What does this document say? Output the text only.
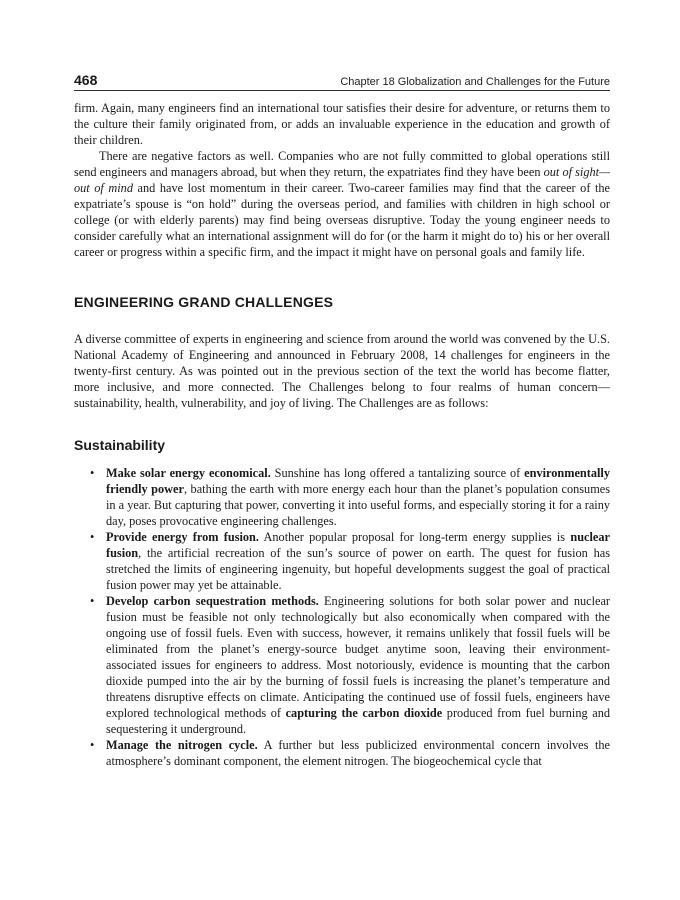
468	Chapter 18 Globalization and Challenges for the Future

firm. Again, many engineers find an international tour satisfies their desire for adventure, or returns them to the culture their family originated from, or adds an invaluable experience in the education and growth of their children.

There are negative factors as well. Companies who are not fully committed to global operations still send engineers and managers abroad, but when they return, the expatriates find they have been out of sight—out of mind and have lost momentum in their career. Two-career families may find that the career of the expatriate’s spouse is “on hold” during the overseas period, and families with children in high school or college (or with elderly parents) may find being overseas disruptive. Today the young engineer needs to consider carefully what an international assignment will do for (or the harm it might do to) his or her overall career or progress within a specific firm, and the impact it might have on personal goals and family life.

ENGINEERING GRAND CHALLENGES

A diverse committee of experts in engineering and science from around the world was convened by the U.S. National Academy of Engineering and announced in February 2008, 14 challenges for engineers in the twenty-first century. As was pointed out in the previous section of the text the world has become flatter, more inclusive, and more connected. The Challenges belong to four realms of human concern—sustainability, health, vulnerability, and joy of living. The Challenges are as follows:

Sustainability
• Make solar energy economical. Sunshine has long offered a tantalizing source of environmentally friendly power, bathing the earth with more energy each hour than the planet’s population consumes in a year. But capturing that power, converting it into useful forms, and especially storing it for a rainy day, poses provocative engineering challenges.
• Provide energy from fusion. Another popular proposal for long-term energy supplies is nuclear fusion, the artificial recreation of the sun’s source of power on earth. The quest for fusion has stretched the limits of engineering ingenuity, but hopeful developments suggest the goal of practical fusion power may yet be attainable.
• Develop carbon sequestration methods. Engineering solutions for both solar power and nuclear fusion must be feasible not only technologically but also economically when compared with the ongoing use of fossil fuels. Even with success, however, it remains unlikely that fossil fuels will be eliminated from the planet’s energy-source budget anytime soon, leaving their environment-associated issues for engineers to address. Most notoriously, evidence is mounting that the carbon dioxide pumped into the air by the burning of fossil fuels is increasing the planet’s temperature and threatens disruptive effects on climate. Anticipating the continued use of fossil fuels, engineers have explored technological methods of capturing the carbon dioxide produced from fuel burning and sequestering it underground.
• Manage the nitrogen cycle. A further but less publicized environmental concern involves the atmosphere’s dominant component, the element nitrogen. The biogeochemical cycle that
